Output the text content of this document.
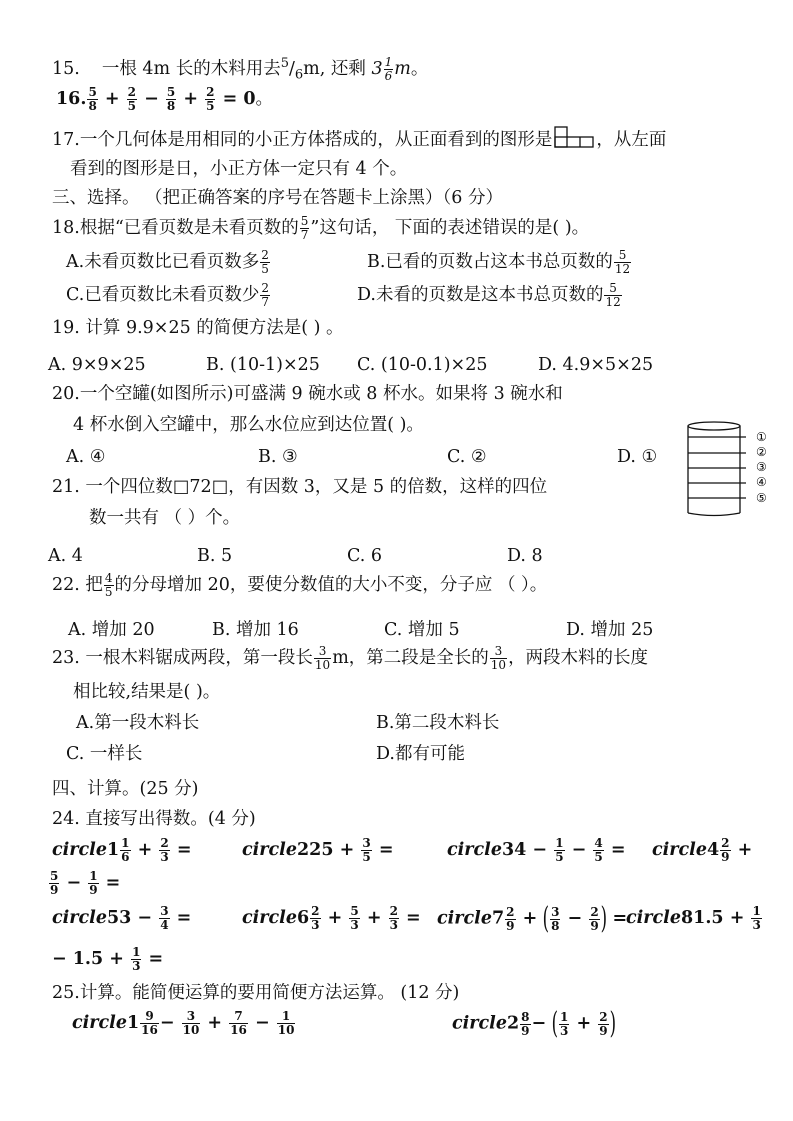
15. 一根 4m 长的木料用去$^5/_6m$, 还剩 $3 \frac{1}{6}$ m。
16. $\frac{5}{8} + \frac{2}{5} - \frac{5}{8} + \frac{2}{5} = 0$。
17.一个几何体是用相同的小正方体搭成的，从正面看到的图形是	，从左面
看到的图形是日，小正方体一定只有 4 个。
三、选择。 （把正确答案的序号在答题卡上涂黑）（6 分）
18.根据“已看页数是未看页数的 $\frac{5}{7}$ ”这句话， 下面的表述错误的是( )。
A.未看页数比已看页数多 $\frac{2}{5}$	B.已看的页数占这本书总页数的 $\frac{5}{12}$
C.已看页数比未看页数少 $\frac{2}{7}$	D.未看的页数是这本书总页数的 $\frac{5}{12}$
19. 计算 9.9×25 的简便方法是( ) 。
A. 9×9×25	B. (10-1)×25 C. (10-0.1)×25	D. 4.9×5×25
20.一个空罐(如图所示)可盛满 9 碗水或 8 杯水。如果将 3 碗水和
4 杯水倒入空罐中，那么水位应到达位置( )。
A. ④	B. ③	C. ②	D. ①
①
②
③
④
⑤
21. 一个四位数□72□，有因数 3，又是 5 的倍数，这样的四位
数一共有 （ ）个。
A. 4	B. 5	C. 6	D. 8
22. 把 $\frac{4}{5}$ 的分母增加 20，要使分数值的大小不变，分子应 （ ）。
A. 增加 20	B. 增加 16	C. 增加 5	D. 增加 25
23. 一根木料锯成两段，第一段长 $\frac{3}{10}$ m，第二段是全长的 $\frac{3}{10}$ ，两段木料的长度
相比较,结果是( )。
A.第一段木料长	B.第二段木料长
C. 一样长	D.都有可能
四、计算。(25 分)
24. 直接写出得数。(4 分)
circle1 $\frac{1}{6} + \frac{2}{3}$ =	circle225 + $\frac{3}{5}$ =	circle34 − $\frac{1}{5} - \frac{4}{5}$ = circle4 $\frac{2}{9}$ +
$\frac{5}{9} - \frac{1}{9}$ =
circle53 − $\frac{3}{4}$ =	circle6 $\frac{2}{3} + \frac{5}{3} + \frac{2}{3}$ = circle7 $\frac{2}{9}$ + ( $\frac{3}{8} - \frac{2}{9}$ ) =
circle81.5 + $\frac{1}{3}$
− $1.5 + \frac{1}{3}$ =
25.计算。能简便运算的要用简便方法运算。 (12 分)
circle1 $\frac{9}{16} - \frac{3}{10} + \frac{7}{16} - \frac{1}{10}$	circle2 $\frac{8}{9}$ − ( $\frac{1}{3} + \frac{2}{9}$ )
